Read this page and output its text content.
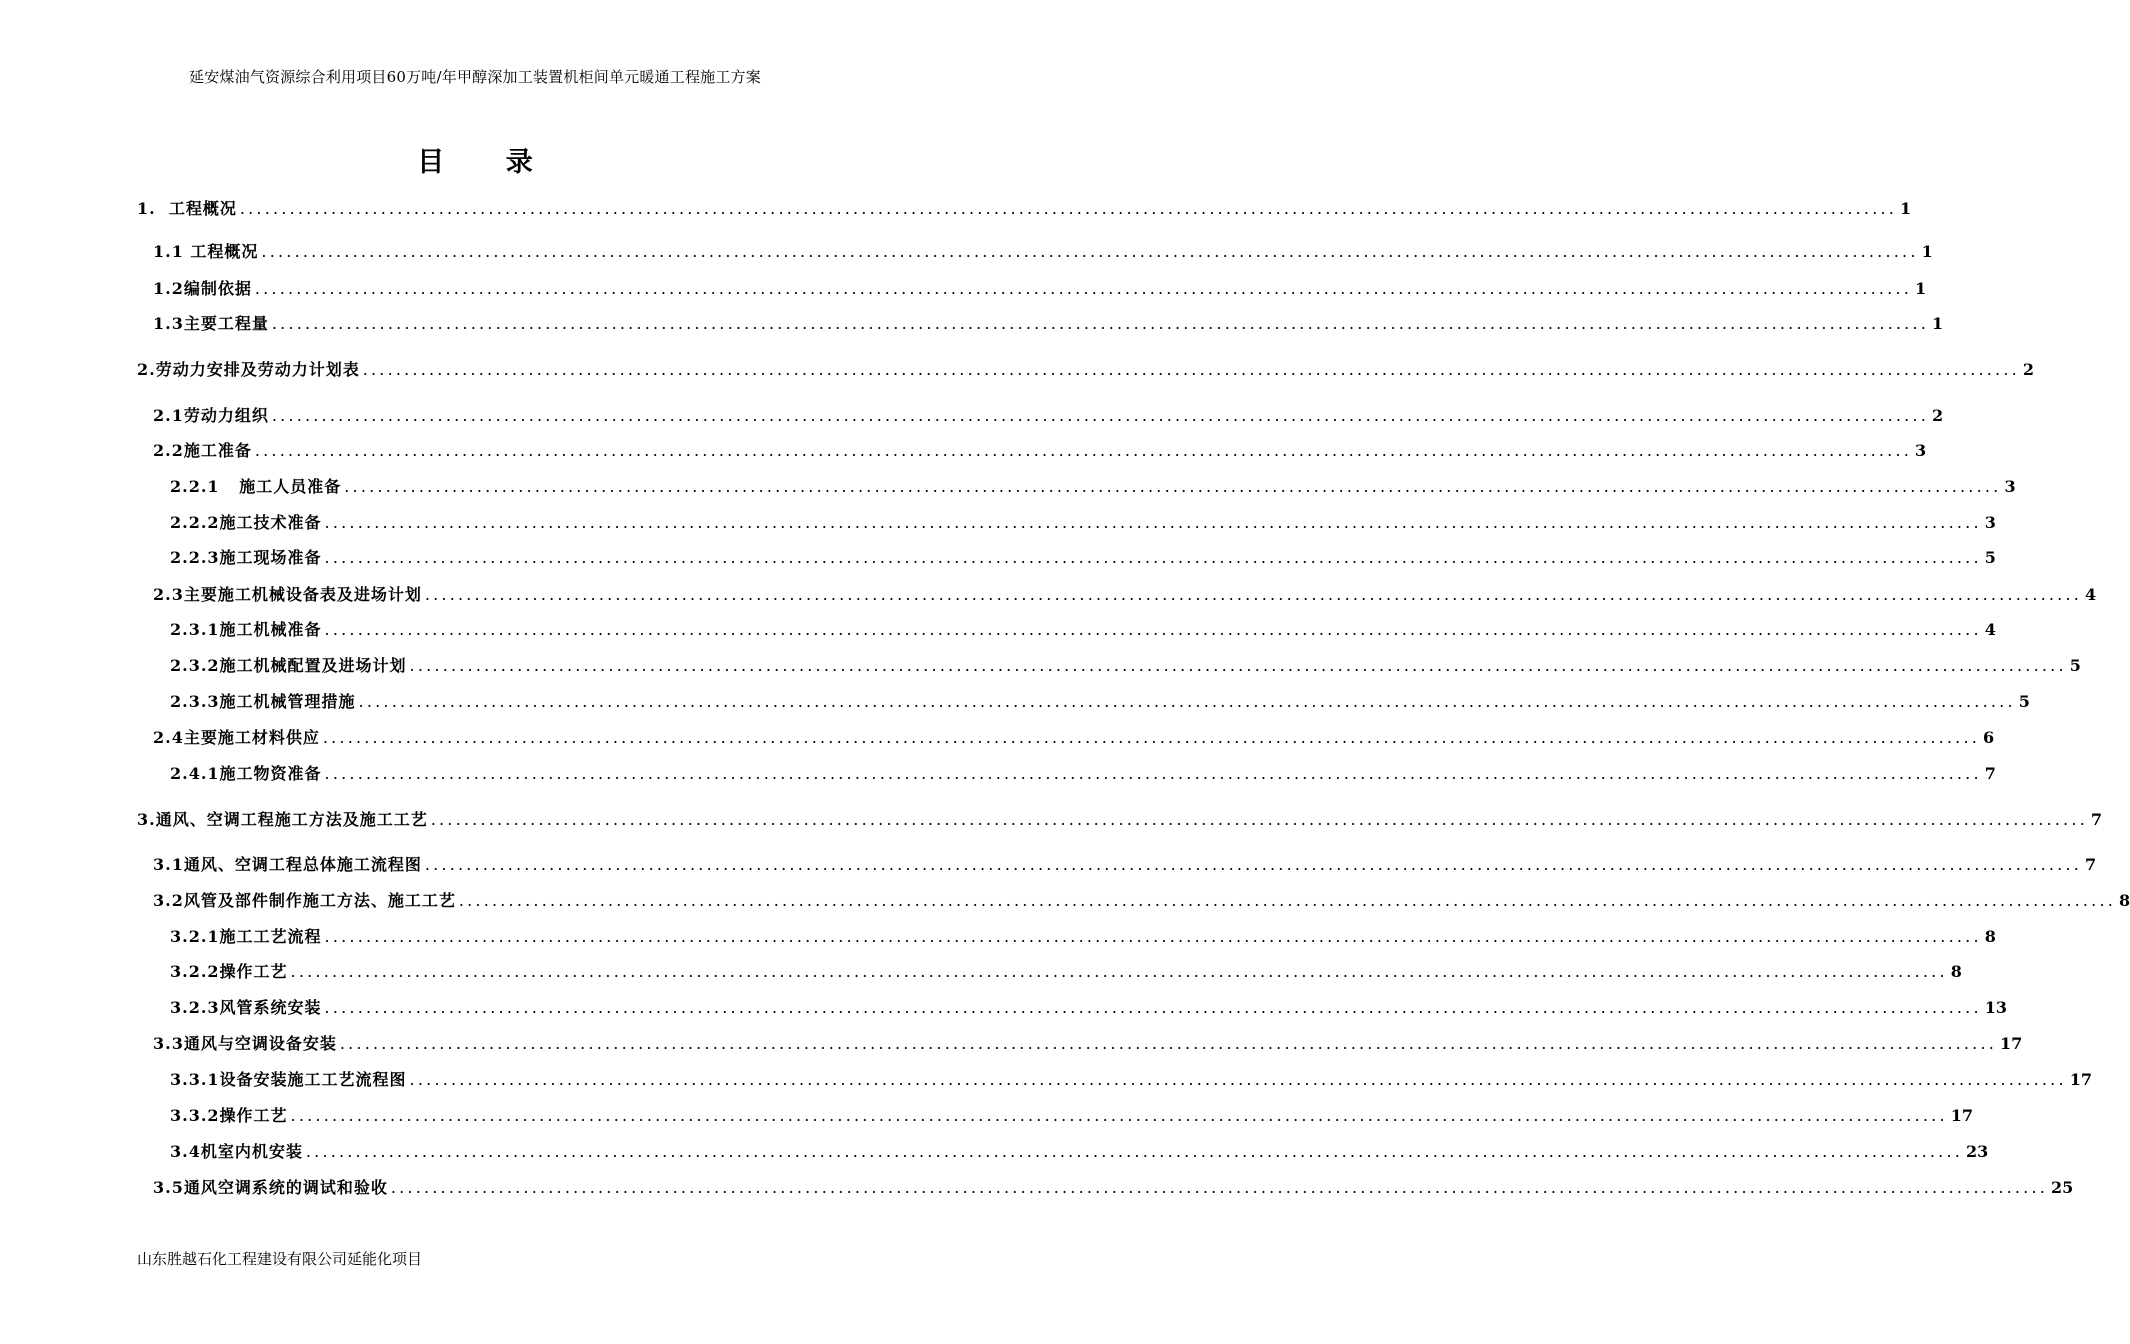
延安煤油气资源综合利用项目60万吨/年甲醇深加工装置机柜间单元暖通工程施工方案
目 录
1.  工程概况 ........................................................................................................................................................................................................ 1
1.1 工程概况 ........................................................................................................................................................................................................ 1
1.2编制依据 ........................................................................................................................................................................................................ 1
1.3主要工程量 ........................................................................................................................................................................................................ 1
2.劳动力安排及劳动力计划表 ........................................................................................................................................................................................................ 2
2.1劳动力组织 ........................................................................................................................................................................................................ 2
2.2施工准备 ........................................................................................................................................................................................................ 3
2.2.1   施工人员准备 ........................................................................................................................................................................................................ 3
2.2.2施工技术准备 ........................................................................................................................................................................................................ 3
2.2.3施工现场准备 ........................................................................................................................................................................................................ 5
2.3主要施工机械设备表及进场计划 ........................................................................................................................................................................................................ 4
2.3.1施工机械准备 ........................................................................................................................................................................................................ 4
2.3.2施工机械配置及进场计划 ........................................................................................................................................................................................................ 5
2.3.3施工机械管理措施 ........................................................................................................................................................................................................ 5
2.4主要施工材料供应 ........................................................................................................................................................................................................ 6
2.4.1施工物资准备 ........................................................................................................................................................................................................ 7
3.通风、空调工程施工方法及施工工艺 ........................................................................................................................................................................................................ 7
3.1通风、空调工程总体施工流程图 ........................................................................................................................................................................................................ 7
3.2风管及部件制作施工方法、施工工艺 ........................................................................................................................................................................................................ 8
3.2.1施工工艺流程 ........................................................................................................................................................................................................ 8
3.2.2操作工艺 ........................................................................................................................................................................................................ 8
3.2.3风管系统安装 ........................................................................................................................................................................................................ 13
3.3通风与空调设备安装 ........................................................................................................................................................................................................ 17
3.3.1设备安装施工工艺流程图 ........................................................................................................................................................................................................ 17
3.3.2操作工艺 ........................................................................................................................................................................................................ 17
3.4机室内机安装 ........................................................................................................................................................................................................ 23
3.5通风空调系统的调试和验收 ........................................................................................................................................................................................................ 25
山东胜越石化工程建设有限公司延能化项目
